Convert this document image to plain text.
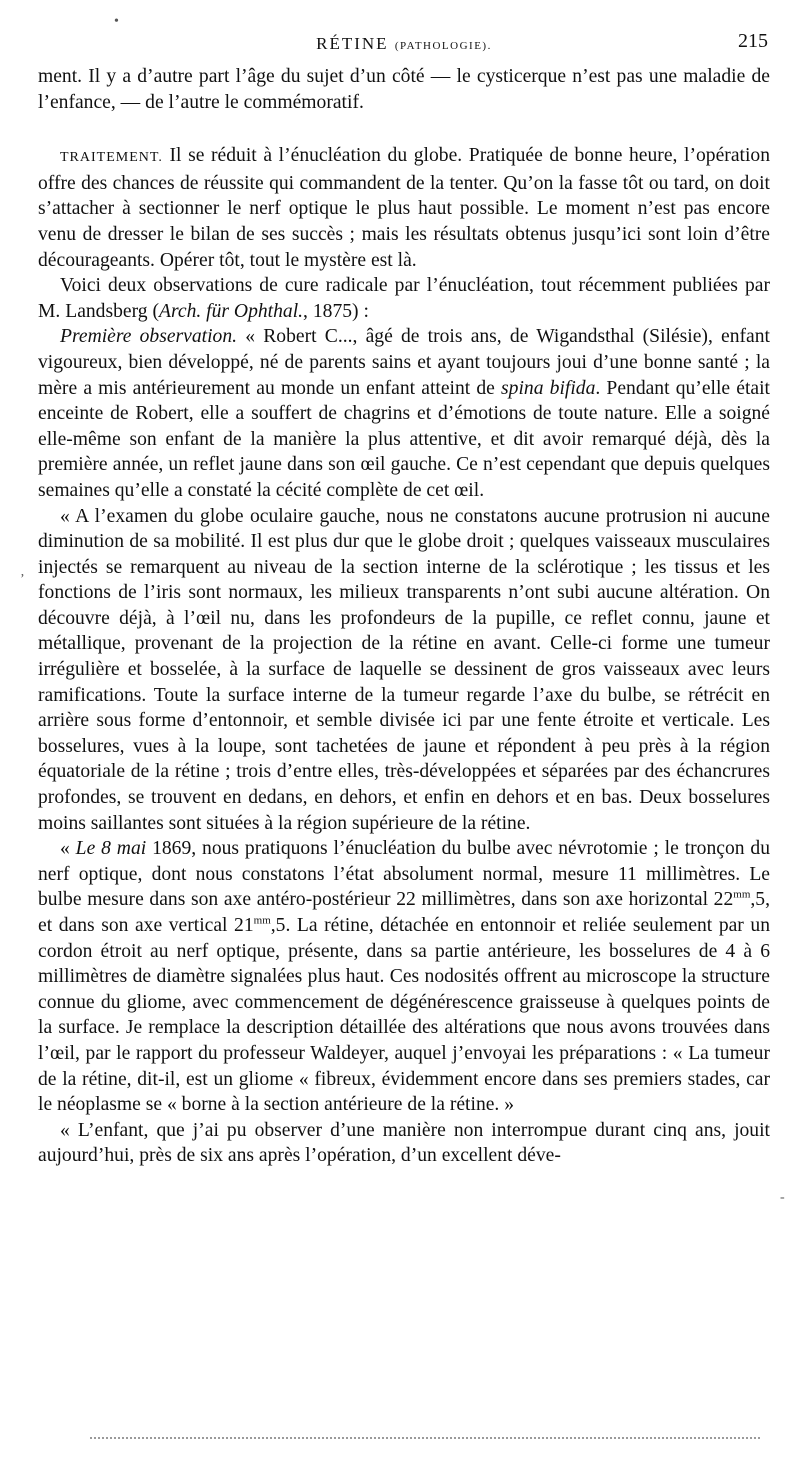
RÉTINE (PATHOLOGIE).	215

ment. Il y a d’autre part l’âge du sujet d’un côté — le cysticerque n’est pas une maladie de l’enfance, — de l’autre le commémoratif.

TRAITEMENT. Il se réduit à l’énucléation du globe. Pratiquée de bonne heure, l’opération offre des chances de réussite qui commandent de la tenter. Qu’on la fasse tôt ou tard, on doit s’attacher à sectionner le nerf optique le plus haut possible. Le moment n’est pas encore venu de dresser le bilan de ses succès ; mais les résultats obtenus jusqu’ici sont loin d’être décourageants. Opérer tôt, tout le mystère est là.

Voici deux observations de cure radicale par l’énucléation, tout récemment publiées par M. Landsberg (Arch. für Ophthal., 1875) :

Première observation. « Robert C..., âgé de trois ans, de Wigandsthal (Silésie), enfant vigoureux, bien développé, né de parents sains et ayant toujours joui d’une bonne santé ; la mère a mis antérieurement au monde un enfant atteint de spina bifida. Pendant qu’elle était enceinte de Robert, elle a souffert de chagrins et d’émotions de toute nature. Elle a soigné elle-même son enfant de la manière la plus attentive, et dit avoir remarqué déjà, dès la première année, un reflet jaune dans son œil gauche. Ce n’est cependant que depuis quelques semaines qu’elle a constaté la cécité complète de cet œil.

« A l’examen du globe oculaire gauche, nous ne constatons aucune protrusion ni aucune diminution de sa mobilité. Il est plus dur que le globe droit ; quelques vaisseaux musculaires injectés se remarquent au niveau de la section interne de la sclérotique ; les tissus et les fonctions de l’iris sont normaux, les milieux transparents n’ont subi aucune altération. On découvre déjà, à l’œil nu, dans les profondeurs de la pupille, ce reflet connu, jaune et métallique, provenant de la projection de la rétine en avant. Celle-ci forme une tumeur irrégulière et bosselée, à la surface de laquelle se dessinent de gros vaisseaux avec leurs ramifications. Toute la surface interne de la tumeur regarde l’axe du bulbe, se rétrécit en arrière sous forme d’entonnoir, et semble divisée ici par une fente étroite et verticale. Les bosselures, vues à la loupe, sont tachetées de jaune et répondent à peu près à la région équatoriale de la rétine ; trois d’entre elles, très-développées et séparées par des échancrures profondes, se trouvent en dedans, en dehors, et enfin en dehors et en bas. Deux bosselures moins saillantes sont situées à la région supérieure de la rétine.

« Le 8 mai 1869, nous pratiquons l’énucléation du bulbe avec névrotomie ; le tronçon du nerf optique, dont nous constatons l’état absolument normal, mesure 11 millimètres. Le bulbe mesure dans son axe antéro-postérieur 22 millimètres, dans son axe horizontal $22^{mm},5$, et dans son axe vertical $21^{mm},5$. La rétine, détachée en entonnoir et reliée seulement par un cordon étroit au nerf optique, présente, dans sa partie antérieure, les bosselures de 4 à 6 millimètres de diamètre signalées plus haut. Ces nodosités offrent au microscope la structure connue du gliome, avec commencement de dégénérescence graisseuse à quelques points de la surface. Je remplace la description détaillée des altérations que nous avons trouvées dans l’œil, par le rapport du professeur Waldeyer, auquel j’envoyai les préparations : « La tumeur de la rétine, dit-il, est un gliome « fibreux, évidemment encore dans ses premiers stades, car le néoplasme se « borne à la section antérieure de la rétine. »

« L’enfant, que j’ai pu observer d’une manière non interrompue durant cinq ans, jouit aujourd’hui, près de six ans après l’opération, d’un excellent déve-

•
’
-
